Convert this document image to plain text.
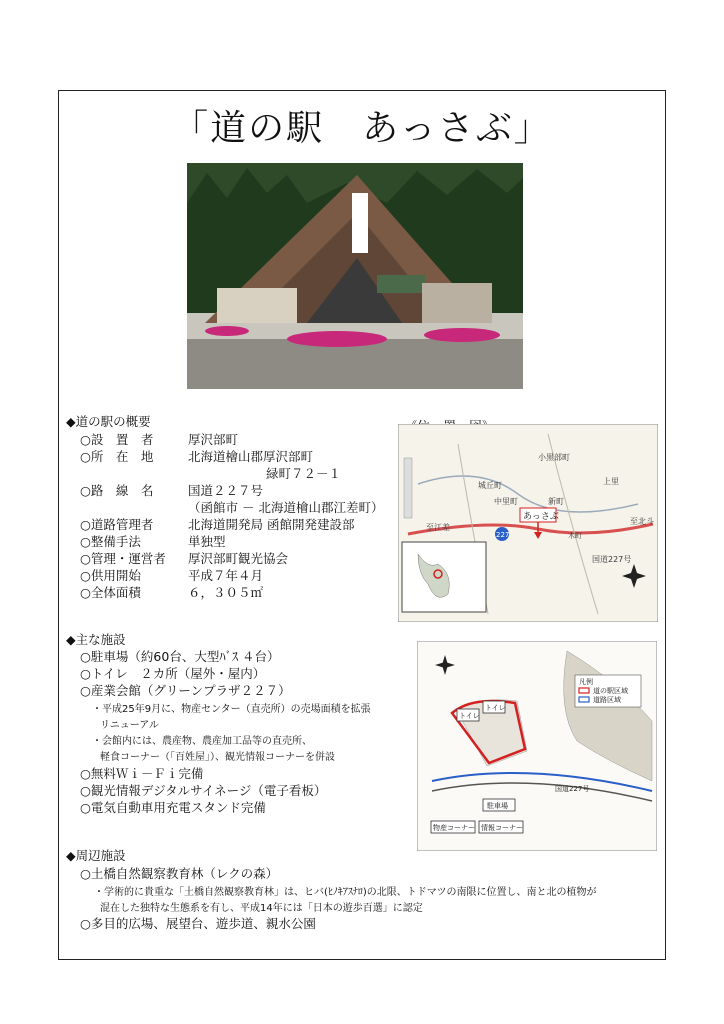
「道の駅　あっさぶ」
◆道の駅の概要
○設　置　者	厚沢部町
○所　在　地	北海道檜山郡厚沢部町
緑町７２－１
○路　線　名	国道２２７号
（函館市 － 北海道檜山郡江差町）
○道路管理者	北海道開発局 函館開発建設部
○整備手法	単独型
○管理・運営者 厚沢部町観光協会
○供用開始	平成７年４月
○全体面積	６，３０５㎡
227
あっさぶ
小黒部町
城丘町
中里町	新町
上里
至江差
至北斗
国道227号
木町
◆主な施設
○駐車場（約60台、大型ﾊﾞｽ ４台）
○トイレ　２カ所（屋外・屋内）
○産業会館（グリーンプラザ２２７）
・平成25年9月に、物産センター（直売所）の売場面積を拡張
リニューアル
・会館内には、農産物、農産加工品等の直売所、
軽食コーナー（「百姓屋」）、観光情報コーナーを併設
○無料Ｗｉ－Ｆｉ完備
○観光情報デジタルサイネージ（電子看板）
○電気自動車用充電スタンド完備
トイレ
トイレ
駐車場
物産コーナー 情報コーナー
国道227号
凡例
道の駅区域
道路区域
◆周辺施設
○土橋自然観察教育林（レクの森）
・学術的に貴重な「土橋自然観察教育林」は、ヒバ(ﾋﾉｷｱｽﾅﾛ)の北限、トドマツの南限に位置し、南と北の植物が
混在した独特な生態系を有し、平成14年には「日本の遊歩百選」に認定
○多目的広場、展望台、遊歩道、親水公園
